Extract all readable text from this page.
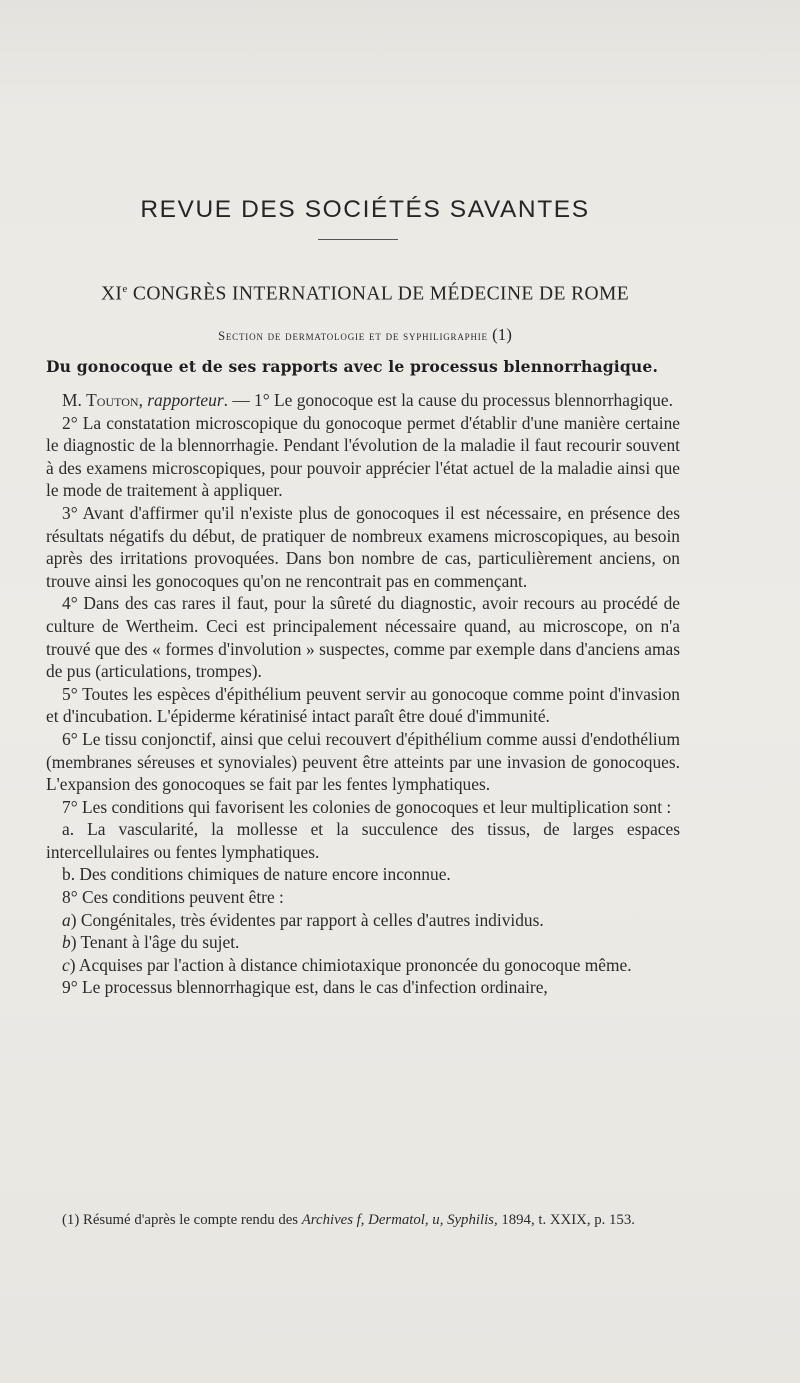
REVUE DES SOCIÉTÉS SAVANTES
XIe CONGRÈS INTERNATIONAL DE MÉDECINE DE ROME
Section de dermatologie et de syphiligraphie (1)
Du gonocoque et de ses rapports avec le processus blennorrhagique.

M. Touton, rapporteur. — 1° Le gonocoque est la cause du processus blennorrhagique.

2° La constatation microscopique du gonocoque permet d'établir d'une manière certaine le diagnostic de la blennorrhagie. Pendant l'évolution de la maladie il faut recourir souvent à des examens microscopiques, pour pouvoir apprécier l'état actuel de la maladie ainsi que le mode de traitement à appliquer.

3° Avant d'affirmer qu'il n'existe plus de gonocoques il est nécessaire, en présence des résultats négatifs du début, de pratiquer de nombreux examens microscopiques, au besoin après des irritations provoquées. Dans bon nombre de cas, particulièrement anciens, on trouve ainsi les gonocoques qu'on ne rencontrait pas en commençant.

4° Dans des cas rares il faut, pour la sûreté du diagnostic, avoir recours au procédé de culture de Wertheim. Ceci est principalement nécessaire quand, au microscope, on n'a trouvé que des « formes d'involution » suspectes, comme par exemple dans d'anciens amas de pus (articulations, trompes).

5° Toutes les espèces d'épithélium peuvent servir au gonocoque comme point d'invasion et d'incubation. L'épiderme kératinisé intact paraît être doué d'immunité.

6° Le tissu conjonctif, ainsi que celui recouvert d'épithélium comme aussi d'endothélium (membranes séreuses et synoviales) peuvent être atteints par une invasion de gonocoques. L'expansion des gonocoques se fait par les fentes lymphatiques.

7° Les conditions qui favorisent les colonies de gonocoques et leur multiplication sont :

a. La vascularité, la mollesse et la succulence des tissus, de larges espaces intercellulaires ou fentes lymphatiques.

b. Des conditions chimiques de nature encore inconnue.

8° Ces conditions peuvent être :

a) Congénitales, très évidentes par rapport à celles d'autres individus.

b) Tenant à l'âge du sujet.

c) Acquises par l'action à distance chimiotaxique prononcée du gonocoque même.

9° Le processus blennorrhagique est, dans le cas d'infection ordinaire,

(1) Résumé d'après le compte rendu des Archives f, Dermatol, u, Syphilis, 1894, t. XXIX, p. 153.
